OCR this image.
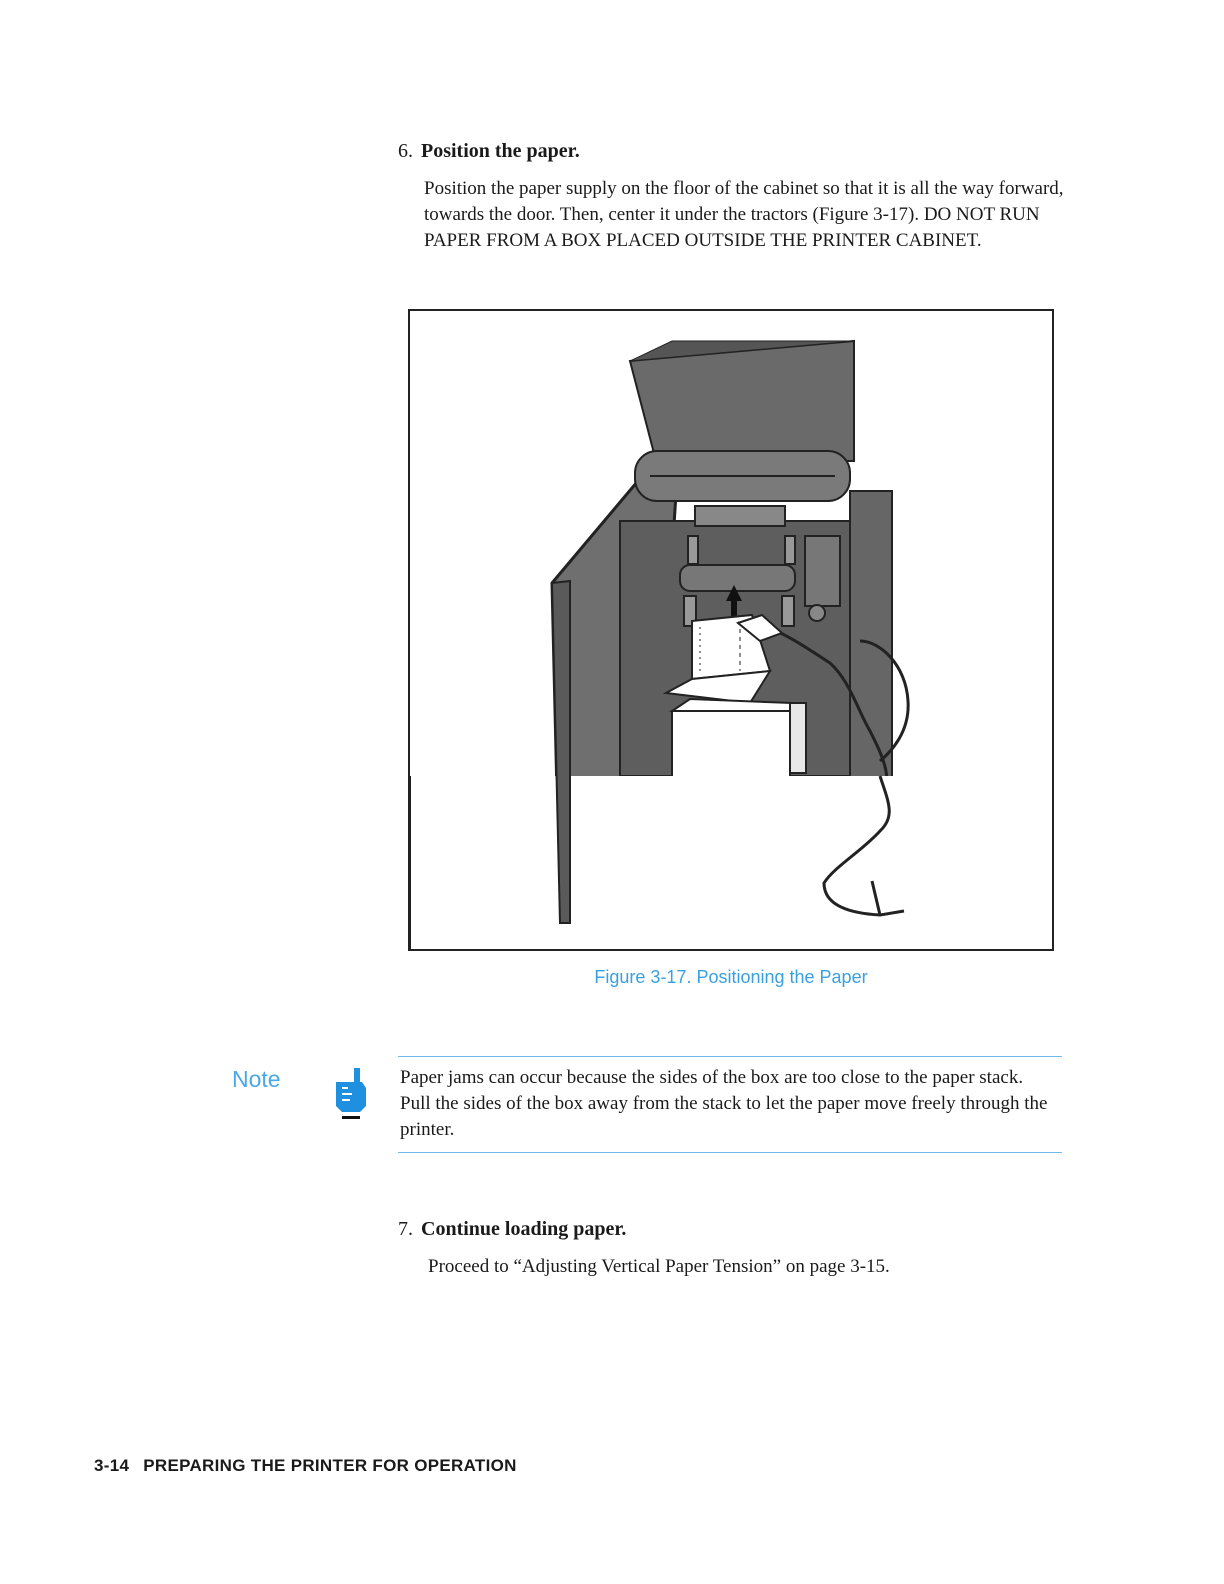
6. Position the paper.

Position the paper supply on the floor of the cabinet so that it is all the way forward, towards the door. Then, center it under the tractors (Figure 3-17). DO NOT RUN PAPER FROM A BOX PLACED OUTSIDE THE PRINTER CABINET.

Figure 3-17. Positioning the Paper
Note	Paper jams can occur because the sides of the box are too close to the paper stack. Pull the sides of the box away from the stack to let the paper move freely through the printer.

7. Continue loading paper.

Proceed to “Adjusting Vertical Paper Tension” on page 3-15.

3-14 PREPARING THE PRINTER FOR OPERATION
